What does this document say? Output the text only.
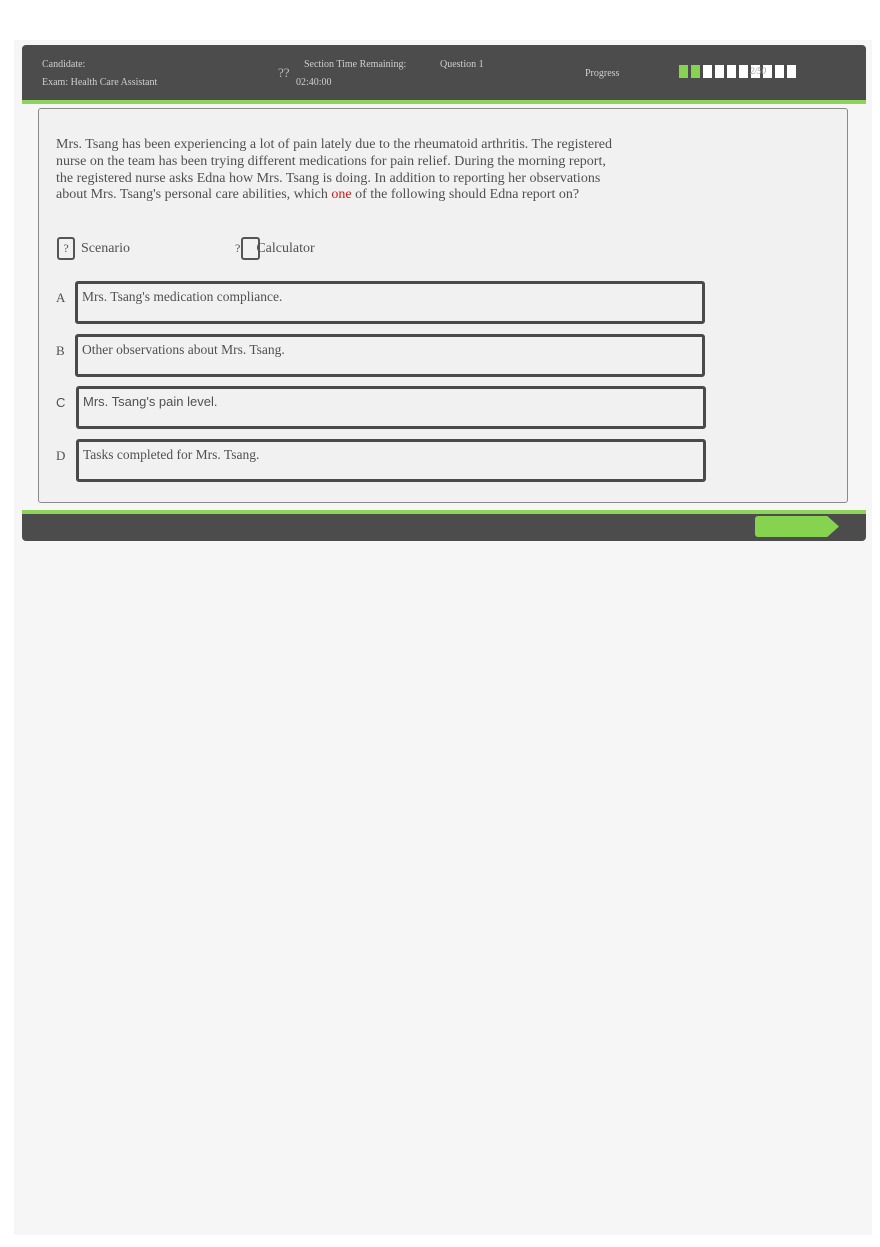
Candidate:
Exam: Health Care Assistant
??
Section Time Remaining:
02:40:00
Question 1
Progress	2/50
Mrs. Tsang has been experiencing a lot of pain lately due to the rheumatoid arthritis. The registered nurse on the team has been trying different medications for pain relief. During the morning report, the registered nurse asks Edna how Mrs. Tsang is doing. In addition to reporting her observations about Mrs. Tsang's personal care abilities, which one of the following should Edna report on?
? Scenario	? Calculator
A	Mrs. Tsang's medication compliance.
B	Other observations about Mrs. Tsang.
C	Mrs. Tsang's pain level.
D	Tasks completed for Mrs. Tsang.
